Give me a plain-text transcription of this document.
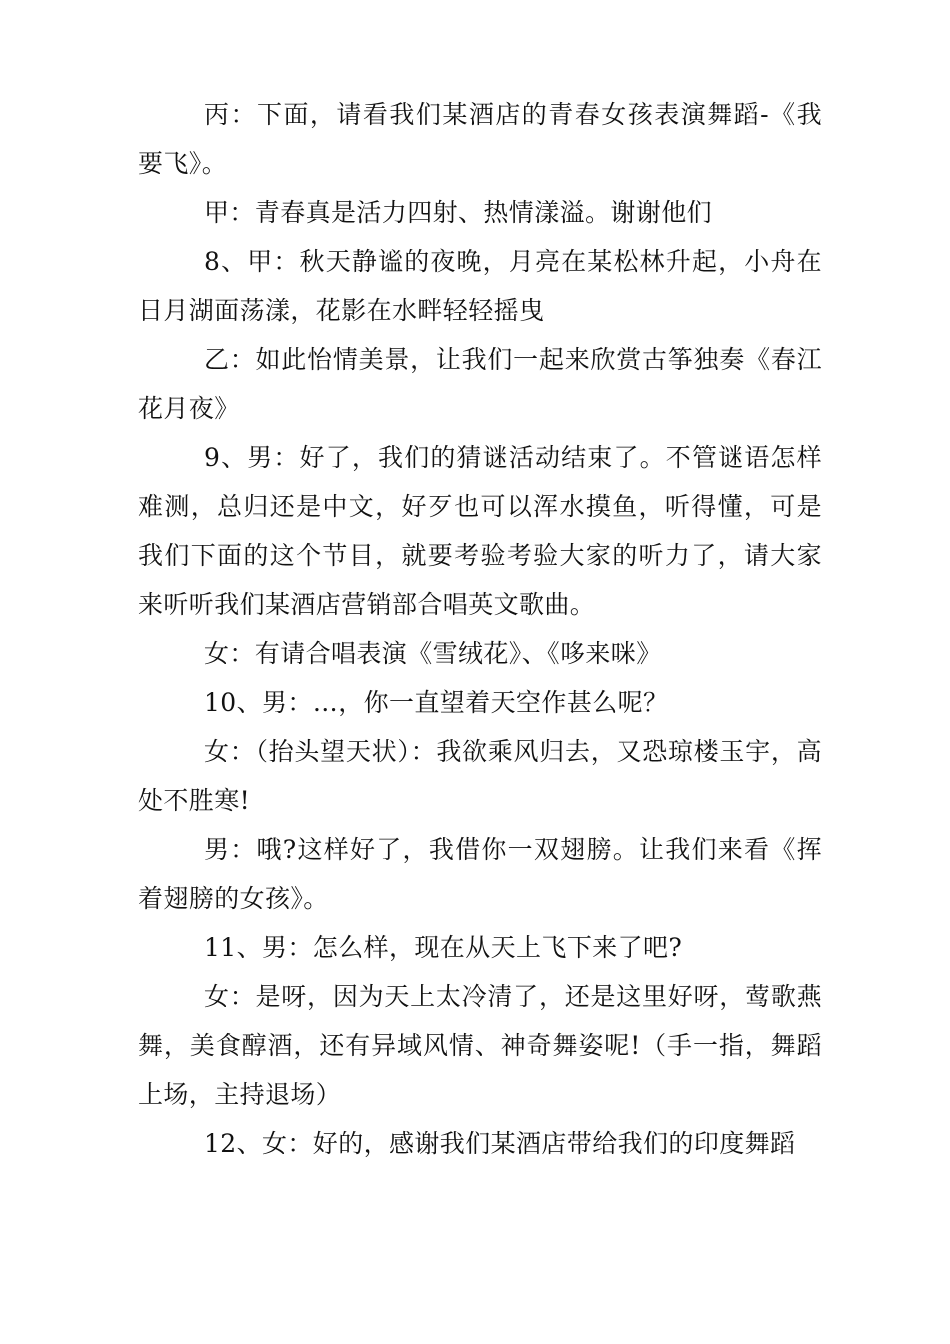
丙：下面，请看我们某酒店的青春女孩表演舞蹈-《我要飞》。

甲：青春真是活力四射、热情漾溢。谢谢他们

8、甲：秋天静谧的夜晚，月亮在某松林升起，小舟在日月湖面荡漾，花影在水畔轻轻摇曳

乙：如此怡情美景，让我们一起来欣赏古筝独奏《春江花月夜》

9、男：好了，我们的猜谜活动结束了。不管谜语怎样难测，总归还是中文，好歹也可以浑水摸鱼，听得懂，可是我们下面的这个节目，就要考验考验大家的听力了，请大家来听听我们某酒店营销部合唱英文歌曲。

女：有请合唱表演《雪绒花》、《哆来咪》

10、男：…，你一直望着天空作甚么呢？

女：（抬头望天状）：我欲乘风归去，又恐琼楼玉宇，高处不胜寒!

男：哦?这样好了，我借你一双翅膀。让我们来看《挥着翅膀的女孩》。

11、男：怎么样，现在从天上飞下来了吧?

女：是呀，因为天上太冷清了，还是这里好呀，莺歌燕舞，美食醇酒，还有异域风情、神奇舞姿呢!（手一指，舞蹈上场，主持退场）

12、女：好的，感谢我们某酒店带给我们的印度舞蹈
